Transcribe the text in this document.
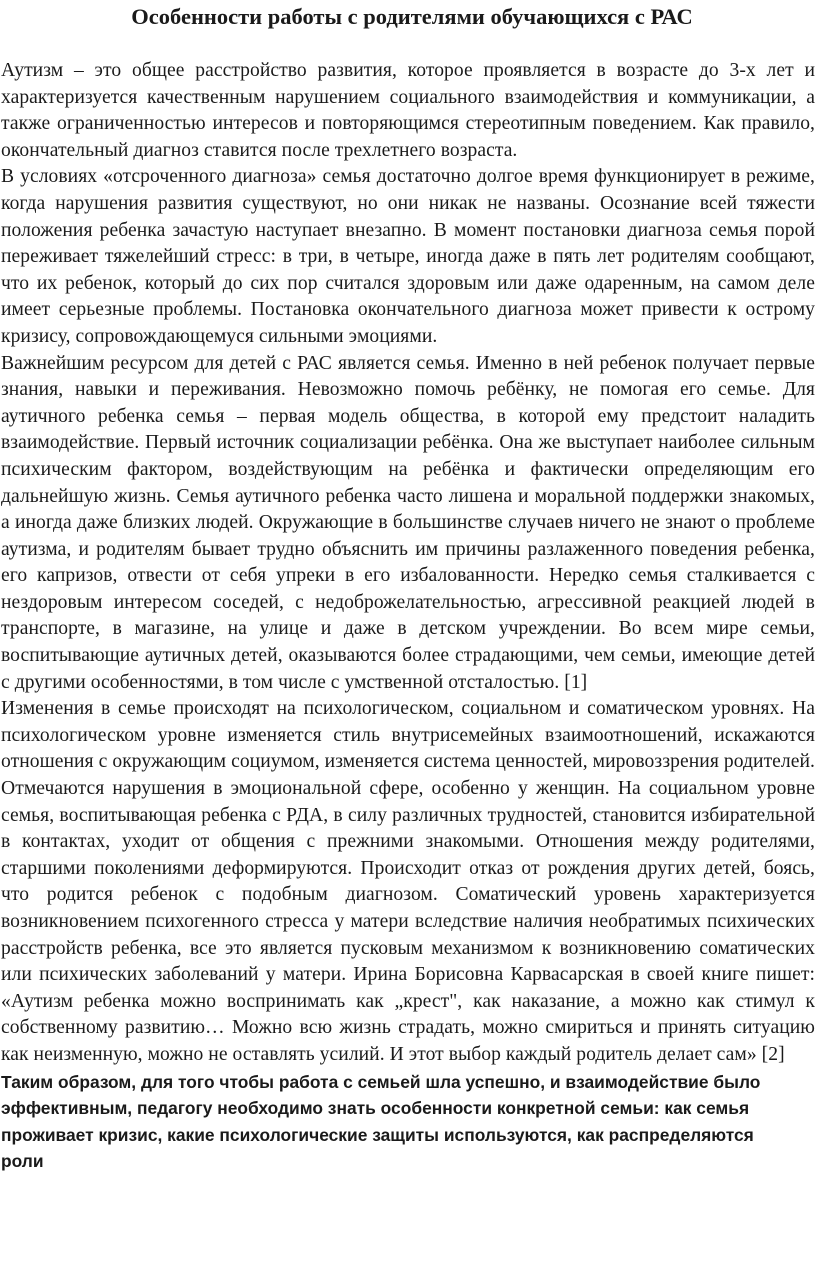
Особенности работы с родителями обучающихся с РАС

Аутизм – это общее расстройство развития, которое проявляется в возрасте до 3-х лет и характеризуется качественным нарушением социального взаимодействия и коммуникации, а также ограниченностью интересов и повторяющимся стереотипным поведением. Как правило, окончательный диагноз ставится после трехлетнего возраста.

В условиях «отсроченного диагноза» семья достаточно долгое время функционирует в режиме, когда нарушения развития существуют, но они никак не названы. Осознание всей тяжести положения ребенка зачастую наступает внезапно. В момент постановки диагноза семья порой переживает тяжелейший стресс: в три, в четыре, иногда даже в пять лет родителям сообщают, что их ребенок, который до сих пор считался здоровым или даже одаренным, на самом деле имеет серьезные проблемы. Постановка окончательного диагноза может привести к острому кризису, сопровождающемуся сильными эмоциями.

Важнейшим ресурсом для детей с РАС является семья. Именно в ней ребенок получает первые знания, навыки и переживания. Невозможно помочь ребёнку, не помогая его семье. Для аутичного ребенка семья – первая модель общества, в которой ему предстоит наладить взаимодействие. Первый источник социализации ребёнка. Она же выступает наиболее сильным психическим фактором, воздействующим на ребёнка и фактически определяющим его дальнейшую жизнь. Семья аутичного ребенка часто лишена и моральной поддержки знакомых, а иногда даже близких людей. Окружающие в большинстве случаев ничего не знают о проблеме аутизма, и родителям бывает трудно объяснить им причины разлаженного поведения ребенка, его капризов, отвести от себя упреки в его избалованности. Нередко семья сталкивается с нездоровым интересом соседей, с недоброжелательностью, агрессивной реакцией людей в транспорте, в магазине, на улице и даже в детском учреждении. Во всем мире семьи, воспитывающие аутичных детей, оказываются более страдающими, чем семьи, имеющие детей с другими особенностями, в том числе с умственной отсталостью. [1]

Изменения в семье происходят на психологическом, социальном и соматическом уровнях. На психологическом уровне изменяется стиль внутрисемейных взаимоотношений, искажаются отношения с окружающим социумом, изменяется система ценностей, мировоззрения родителей. Отмечаются нарушения в эмоциональной сфере, особенно у женщин. На социальном уровне семья, воспитывающая ребенка с РДА, в силу различных трудностей, становится избирательной в контактах, уходит от общения с прежними знакомыми. Отношения между родителями, старшими поколениями деформируются. Происходит отказ от рождения других детей, боясь, что родится ребенок с подобным диагнозом. Соматический уровень характеризуется возникновением психогенного стресса у матери вследствие наличия необратимых психических расстройств ребенка, все это является пусковым механизмом к возникновению соматических или психических заболеваний у матери. Ирина Борисовна Карвасарская в своей книге пишет: «Аутизм ребенка можно воспринимать как „крест", как наказание, а можно как стимул к собственному развитию… Можно всю жизнь страдать, можно смириться и принять ситуацию как неизменную, можно не оставлять усилий. И этот выбор каждый родитель делает сам» [2]

Таким образом, для того чтобы работа с семьей шла успешно, и взаимодействие было эффективным, педагогу необходимо знать особенности конкретной семьи: как семья проживает кризис, какие психологические защиты используются, как распределяются роли
